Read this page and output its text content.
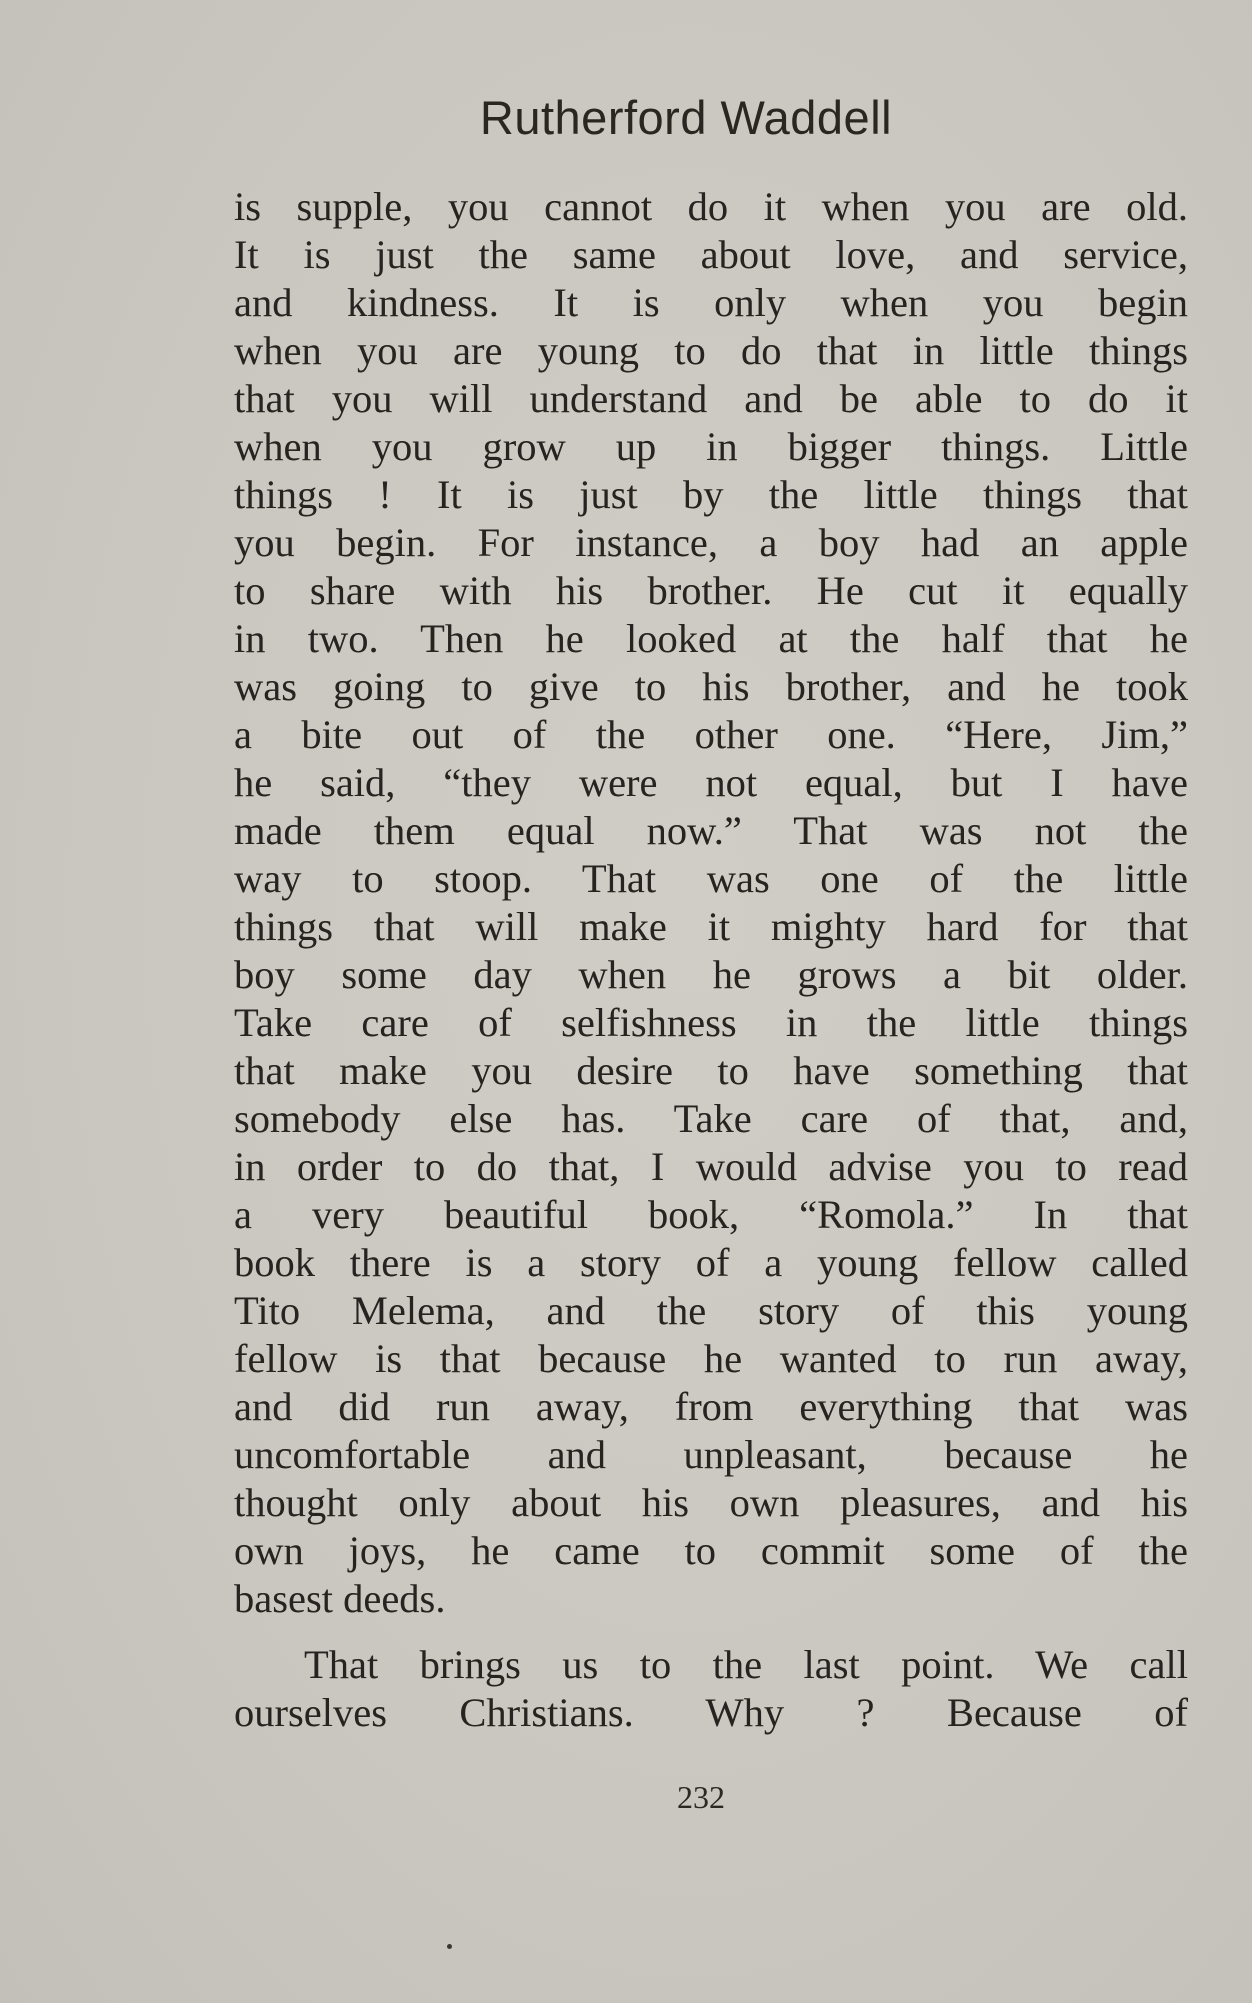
Rutherford Waddell
is supple, you cannot do it when you are old.
It is just the same about love, and service,
and kindness. It is only when you begin
when you are young to do that in little things
that you will understand and be able to do it
when you grow up in bigger things. Little
things ! It is just by the little things that
you begin. For instance, a boy had an apple
to share with his brother. He cut it equally
in two. Then he looked at the half that he
was going to give to his brother, and he took
a bite out of the other one. “Here, Jim,”
he said, “they were not equal, but I have
made them equal now.” That was not the
way to stoop. That was one of the little
things that will make it mighty hard for that
boy some day when he grows a bit older.
Take care of selfishness in the little things
that make you desire to have something that
somebody else has. Take care of that, and,
in order to do that, I would advise you to read
a very beautiful book, “Romola.” In that
book there is a story of a young fellow called
Tito Melema, and the story of this young
fellow is that because he wanted to run away,
and did run away, from everything that was
uncomfortable and unpleasant, because he
thought only about his own pleasures, and his
own joys, he came to commit some of the
basest deeds.
That brings us to the last point. We call
ourselves Christians. Why ? Because of
232
